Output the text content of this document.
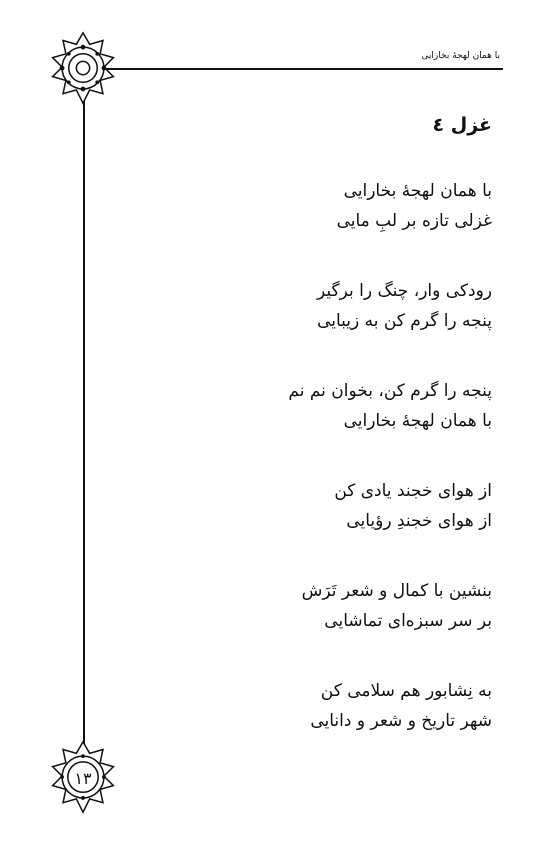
۱۳
با همان لهجهٔ بخارایی
غزل ٤
با همان لهجهٔ بخارایی
غزلی تازه بر لبِ مایی
رودکی وار، چنگ را برگیر
پنجه را گرم کن به زیبایی
پنجه را گرم کن، بخوان نم نم
با همان لهجهٔ بخارایی
از هوای خجند یادی کن
از هوای خجندِ رؤیایی
بنشین با کمال و شعر تَرَش
بر سر سبزه‌ای تماشایی
به نِشابور هم سلامی کن
شهر تاریخ و شعر و دانایی
